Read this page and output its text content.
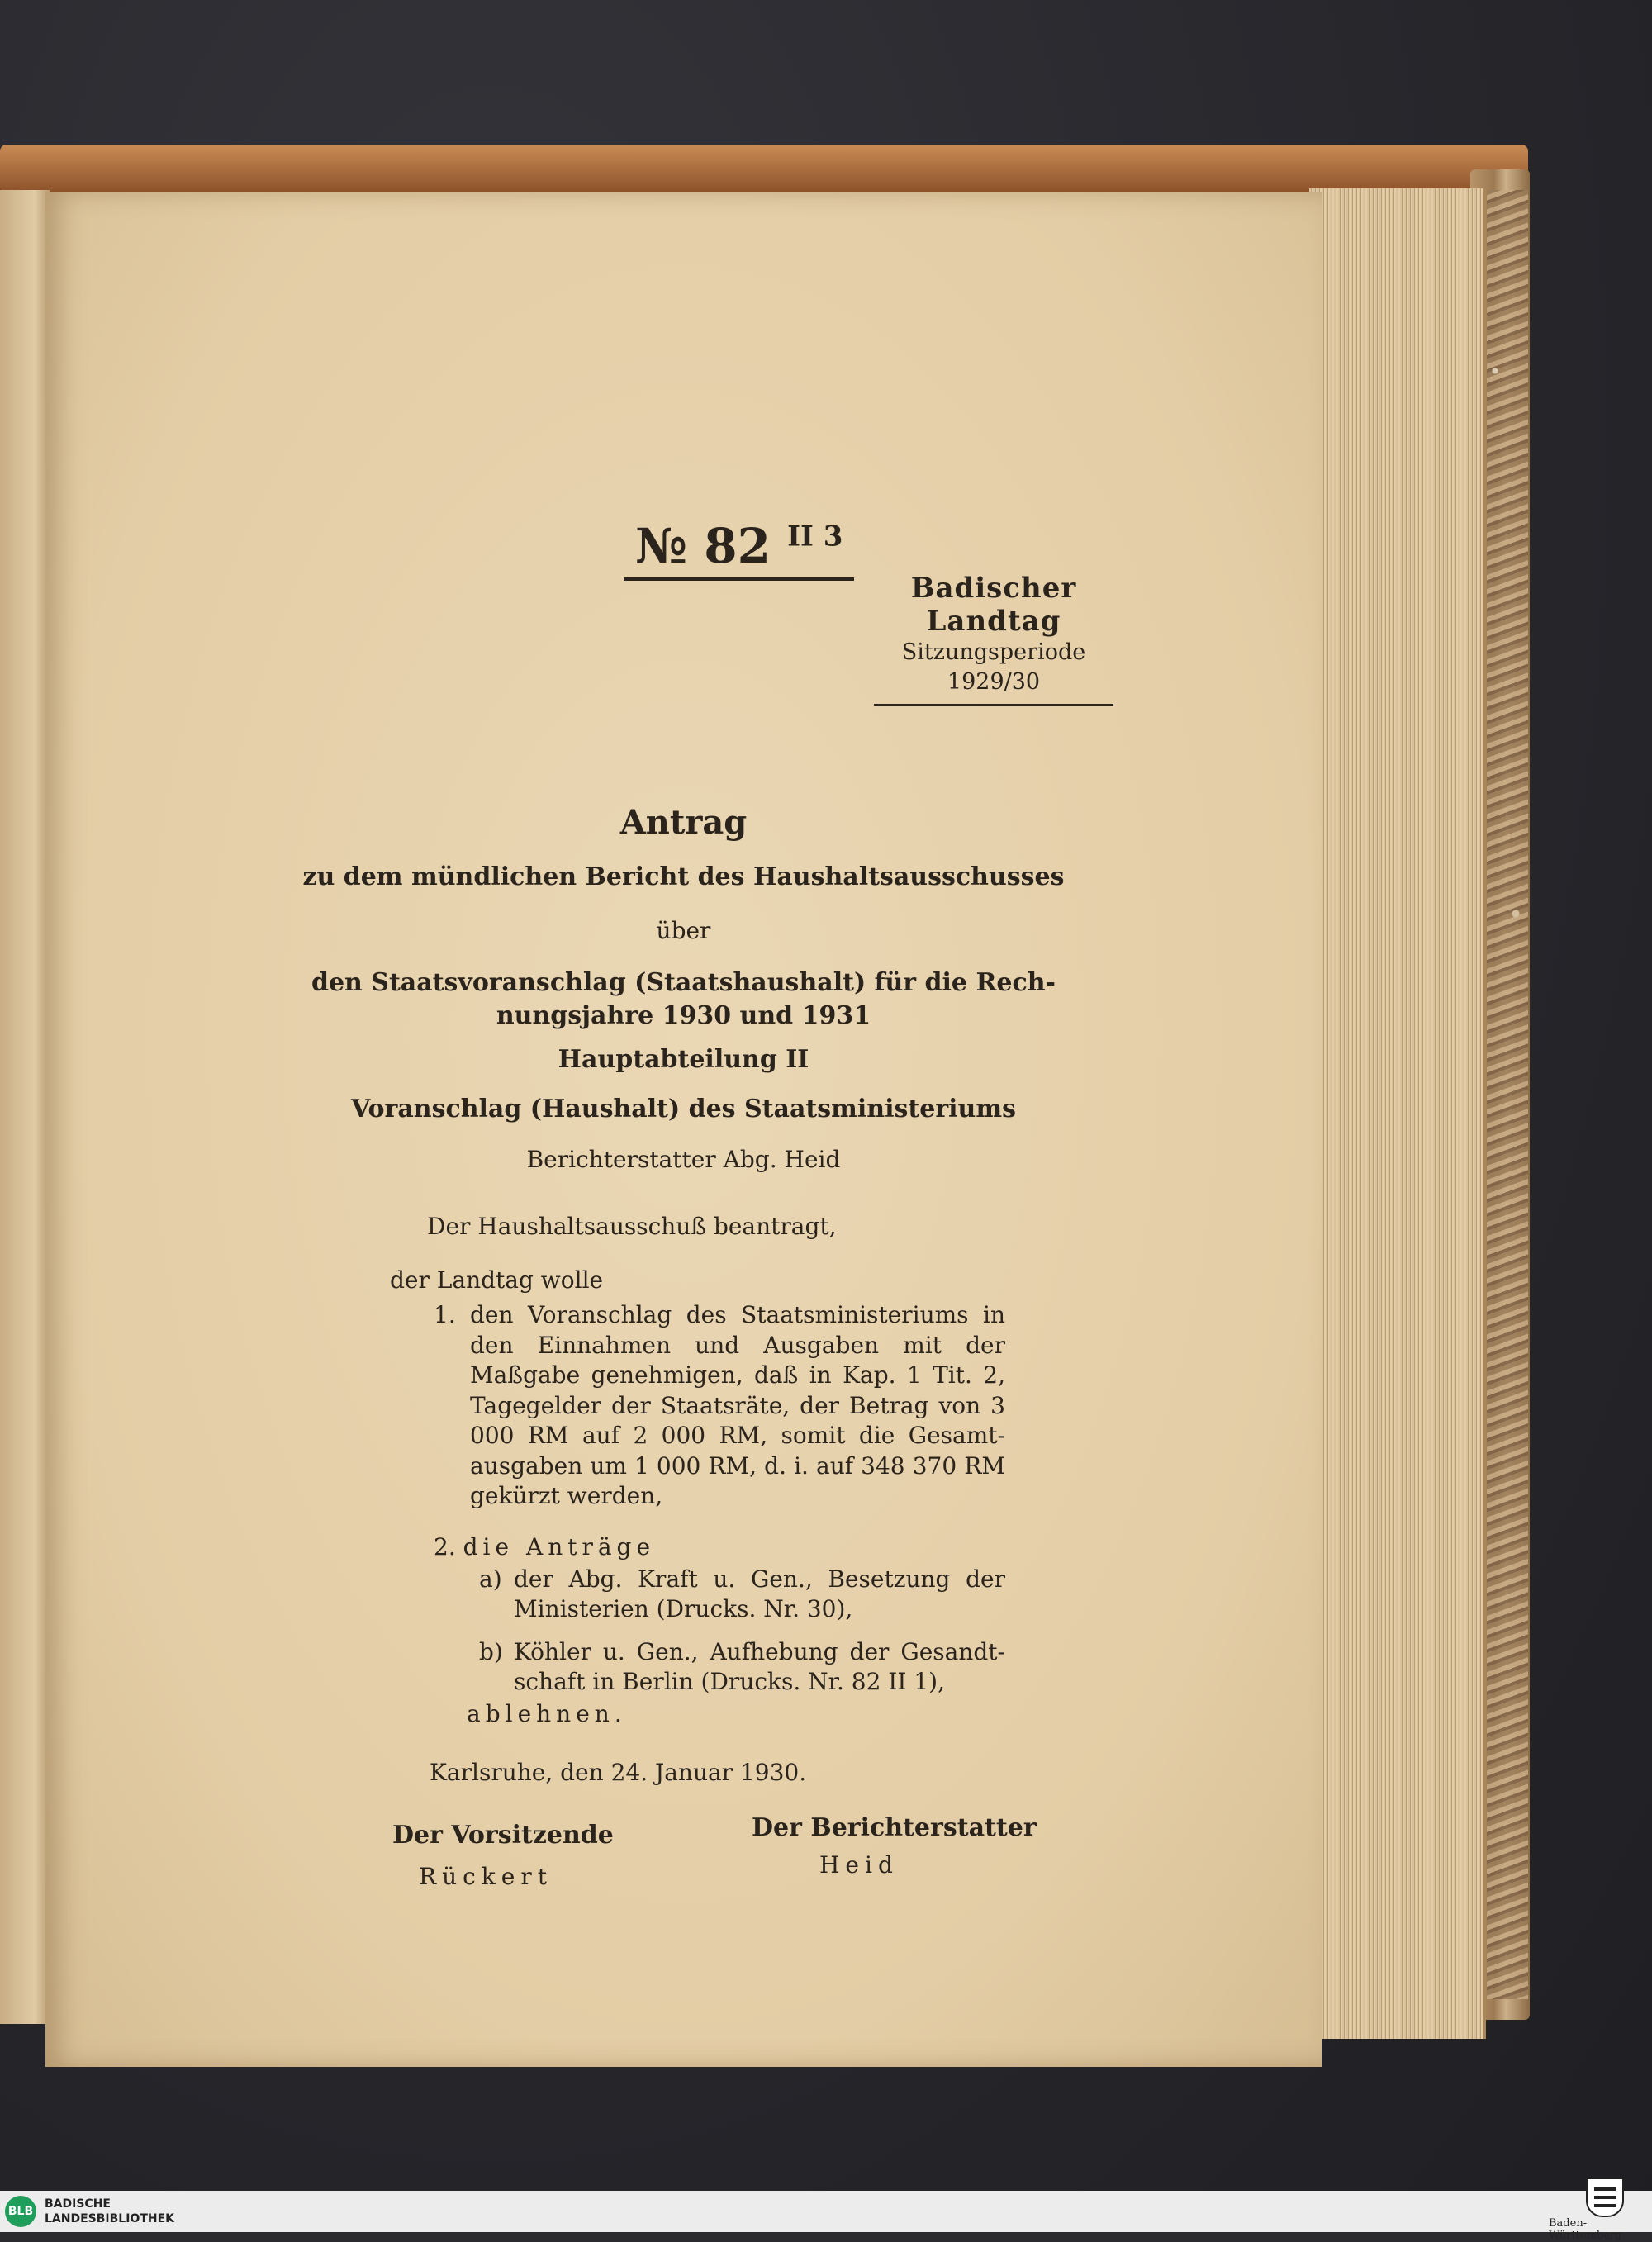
№ 82 $^{II 3}$
Badischer Landtag
Sitzungsperiode
1929/30
Antrag
zu dem mündlichen Bericht des Haushaltsausschusses
über
den Staatsvoranschlag (Staatshaushalt) für die Rech-
nungsjahre 1930 und 1931
Hauptabteilung II
Voranschlag (Haushalt) des Staatsministeriums
Berichterstatter Abg. Heid
Der Haushaltsausschuß beantragt,
der Landtag wolle
1. den Voranschlag des Staatsministeriums in den Einnahmen und Ausgaben mit der Maßgabe genehmigen, daß in Kap. 1 Tit. 2, Tagegelder der Staatsräte, der Betrag von 3 000 RM auf 2 000 RM, somit die Gesamt- ausgaben um 1 000 RM, d. i. auf 348 370 RM gekürzt werden,
2. die Anträge
a) der Abg. Kraft u. Gen., Besetzung der Ministerien (Drucks. Nr. 30),
b) Köhler u. Gen., Aufhebung der Gesandt- schaft in Berlin (Drucks. Nr. 82 II 1),
ablehnen.
Karlsruhe, den 24. Januar 1930.
Der Vorsitzende
Rückert
Der Berichterstatter
Heid
BLB
BADISCHE
LANDESBIBLIOTHEK	Baden-Württemberg
